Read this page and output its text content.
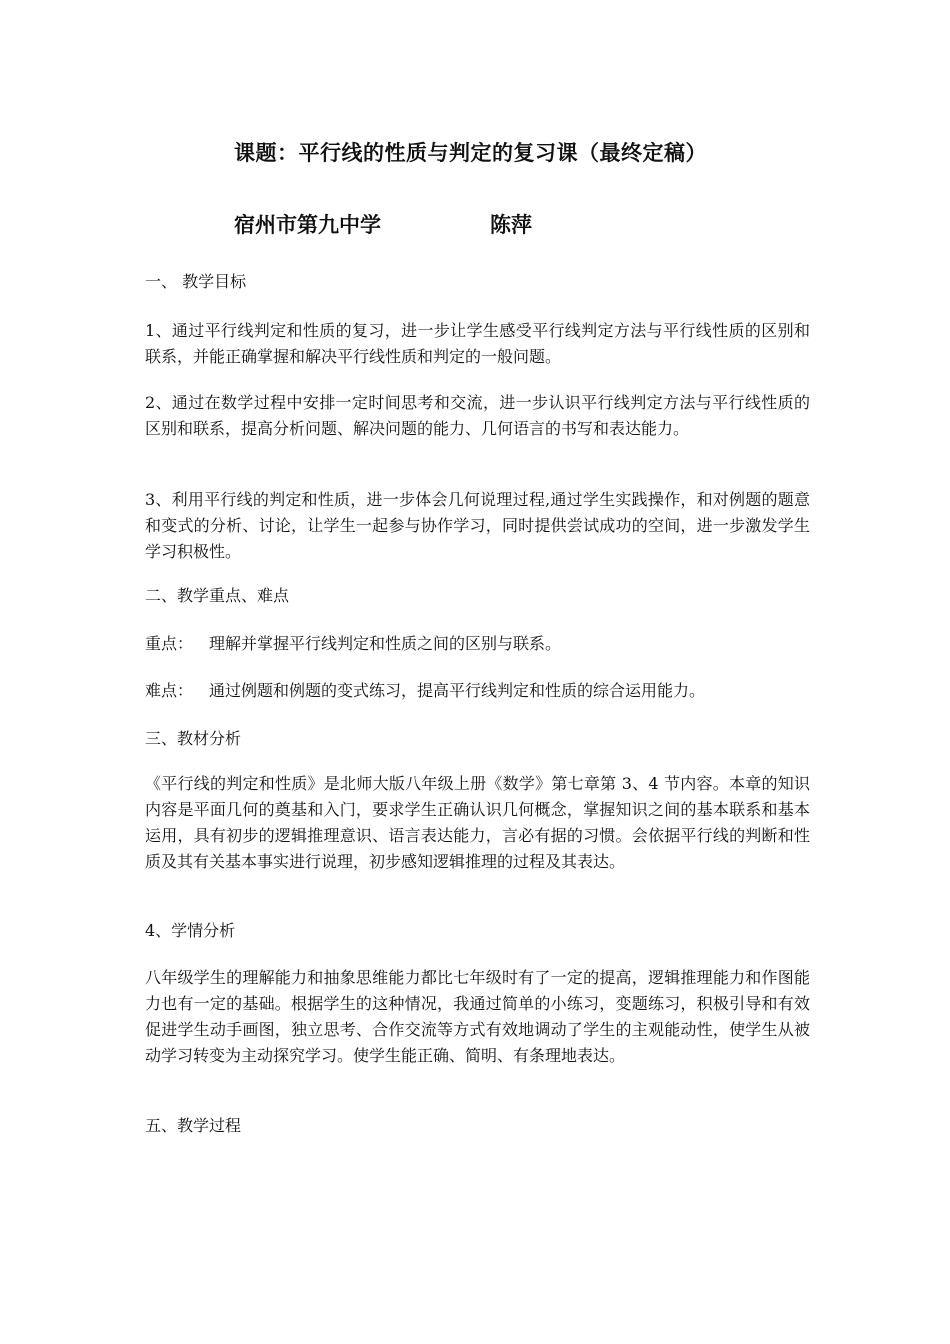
课题：平行线的性质与判定的复习课（最终定稿）
宿州市第九中学	陈萍
一、 教学目标
1、通过平行线判定和性质的复习，进一步让学生感受平行线判定方法与平行线性质的区别和联系，并能正确掌握和解决平行线性质和判定的一般问题。
2、通过在数学过程中安排一定时间思考和交流，进一步认识平行线判定方法与平行线性质的区别和联系，提高分析问题、解决问题的能力、几何语言的书写和表达能力。
3、利用平行线的判定和性质，进一步体会几何说理过程,通过学生实践操作，和对例题的题意和变式的分析、讨论，让学生一起参与协作学习，同时提供尝试成功的空间，进一步激发学生学习积极性。
二、教学重点、难点
重点： 理解并掌握平行线判定和性质之间的区别与联系。
难点： 通过例题和例题的变式练习，提高平行线判定和性质的综合运用能力。
三、教材分析
《平行线的判定和性质》是北师大版八年级上册《数学》第七章第 3、4 节内容。本章的知识内容是平面几何的奠基和入门，要求学生正确认识几何概念，掌握知识之间的基本联系和基本运用，具有初步的逻辑推理意识、语言表达能力，言必有据的习惯。会依据平行线的判断和性质及其有关基本事实进行说理，初步感知逻辑推理的过程及其表达。
4、学情分析
八年级学生的理解能力和抽象思维能力都比七年级时有了一定的提高，逻辑推理能力和作图能力也有一定的基础。根据学生的这种情况，我通过简单的小练习，变题练习，积极引导和有效促进学生动手画图，独立思考、合作交流等方式有效地调动了学生的主观能动性，使学生从被动学习转变为主动探究学习。使学生能正确、简明、有条理地表达。
五、教学过程
